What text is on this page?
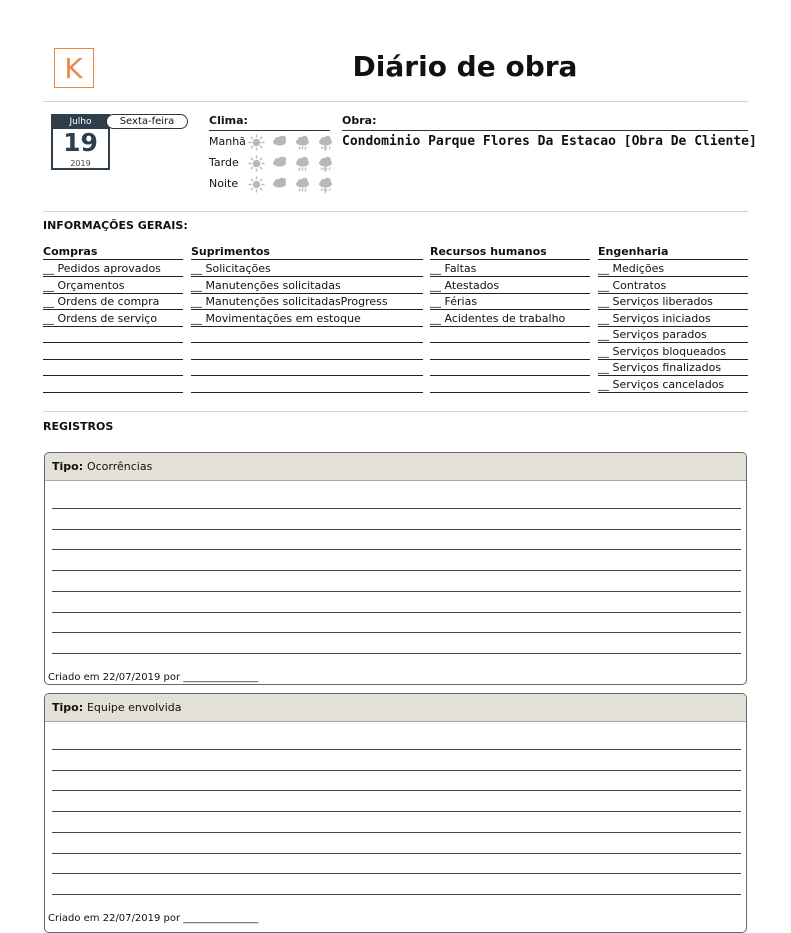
K	Diário de obra
Julho
19
2019
Sexta-feira	Clima:
Manhã
Tarde
Noite
Obra:
Condominio Parque Flores Da Estacao [Obra De Cliente]
INFORMAÇÕES GERAIS:
Compras
__ Pedidos aprovados
__ Orçamentos
__ Ordens de compra
__ Ordens de serviço
Suprimentos
__ Solicitações
__ Manutenções solicitadas
__ Manutenções solicitadasProgress
__ Movimentações em estoque
Recursos humanos
__ Faltas
__ Atestados
__ Férias
__ Acidentes de trabalho
Engenharia
__ Medições
__ Contratos
__ Serviços liberados
__ Serviços iniciados
__ Serviços parados
__ Serviços bloqueados
__ Serviços finalizados
__ Serviços cancelados
REGISTROS
Tipo: Ocorrências
Criado em 22/07/2019 por _______________
Tipo: Equipe envolvida
Criado em 22/07/2019 por _______________
